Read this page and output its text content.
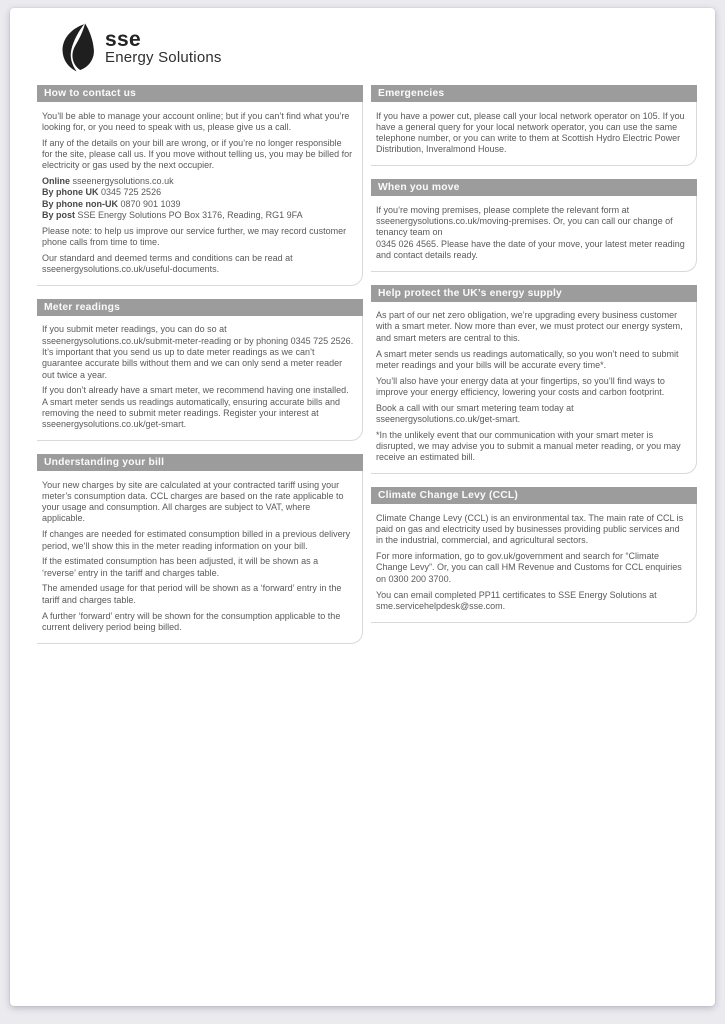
sse
Energy Solutions
How to contact us

You’ll be able to manage your account online; but if you can’t find what you’re looking for, or you need to speak with us, please give us a call.

If any of the details on your bill are wrong, or if you’re no longer responsible for the site, please call us. If you move without telling us, you may be billed for electricity or gas used by the next occupier.

Online sseenergysolutions.co.uk
By phone UK 0345 725 2526
By phone non-UK 0870 901 1039
By post SSE Energy Solutions PO Box 3176, Reading, RG1 9FA

Please note: to help us improve our service further, we may record customer phone calls from time to time.

Our standard and deemed terms and conditions can be read at sseenergysolutions.co.uk/useful-documents.

Meter readings

If you submit meter readings, you can do so at sseenergysolutions.co.uk/submit-meter-reading or by phoning 0345 725 2526. It’s important that you send us up to date meter readings as we can’t guarantee accurate bills without them and we can only send a meter reader out twice a year.

If you don’t already have a smart meter, we recommend having one installed. A smart meter sends us readings automatically, ensuring accurate bills and removing the need to submit meter readings. Register your interest at sseenergysolutions.co.uk/get-smart.

Understanding your bill

Your new charges by site are calculated at your contracted tariff using your meter’s consumption data. CCL charges are based on the rate applicable to your usage and consumption. All charges are subject to VAT, where applicable.

If changes are needed for estimated consumption billed in a previous delivery period, we’ll show this in the meter reading information on your bill.

If the estimated consumption has been adjusted, it will be shown as a ‘reverse’ entry in the tariff and charges table.

The amended usage for that period will be shown as a ‘forward’ entry in the tariff and charges table.

A further ‘forward’ entry will be shown for the consumption applicable to the current delivery period being billed.

Emergencies

If you have a power cut, please call your local network operator on 105. If you have a general query for your local network operator, you can use the same telephone number, or you can write to them at Scottish Hydro Electric Power Distribution, Inveralmond House.

When you move

If you’re moving premises, please complete the relevant form at sseenergysolutions.co.uk/moving-premises. Or, you can call our change of tenancy team on
0345 026 4565. Please have the date of your move, your latest meter reading and contact details ready.

Help protect the UK’s energy supply

As part of our net zero obligation, we’re upgrading every business customer with a smart meter. Now more than ever, we must protect our energy system, and smart meters are central to this.

A smart meter sends us readings automatically, so you won’t need to submit meter readings and your bills will be accurate every time*.

You’ll also have your energy data at your fingertips, so you’ll find ways to improve your energy efficiency, lowering your costs and carbon footprint.

Book a call with our smart metering team today at sseenergysolutions.co.uk/get-smart.

*In the unlikely event that our communication with your smart meter is disrupted, we may advise you to submit a manual meter reading, or you may receive an estimated bill.

Climate Change Levy (CCL)

Climate Change Levy (CCL) is an environmental tax. The main rate of CCL is paid on gas and electricity used by businesses providing public services and in the industrial, commercial, and agricultural sectors.

For more information, go to gov.uk/government and search for “Climate Change Levy”. Or, you can call HM Revenue and Customs for CCL enquiries on 0300 200 3700.

You can email completed PP11 certificates to SSE Energy Solutions at sme.servicehelpdesk@sse.com.
